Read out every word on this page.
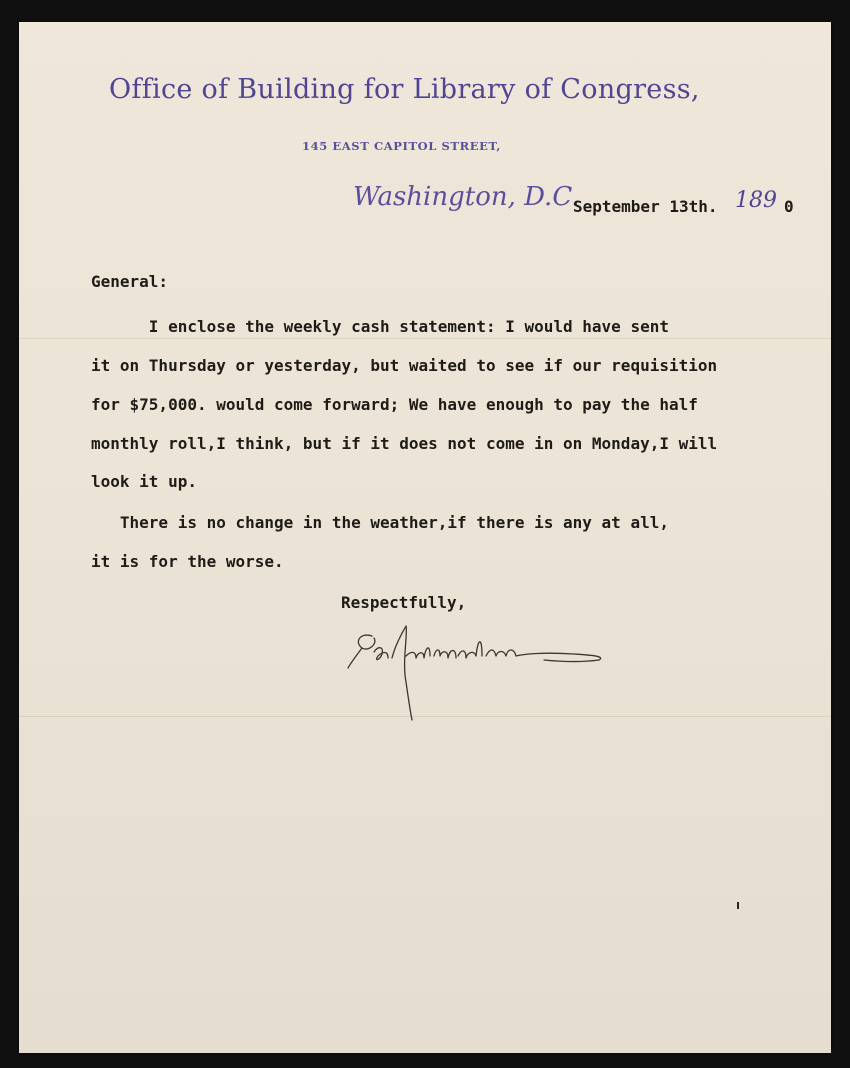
Office of Building for Library of Congress,
145 EAST CAPITOL STREET,
Washington, D.C.
September 13th. 189 0
General:
I enclose the weekly cash statement: I would have sent
it on Thursday or yesterday, but waited to see if our requisition
for $75,000. would come forward; We have enough to pay the half
monthly roll,I think, but if it does not come in on Monday,I will
look it up.
There is no change in the weather,if there is any at all,
it is for the worse.
Respectfully,
